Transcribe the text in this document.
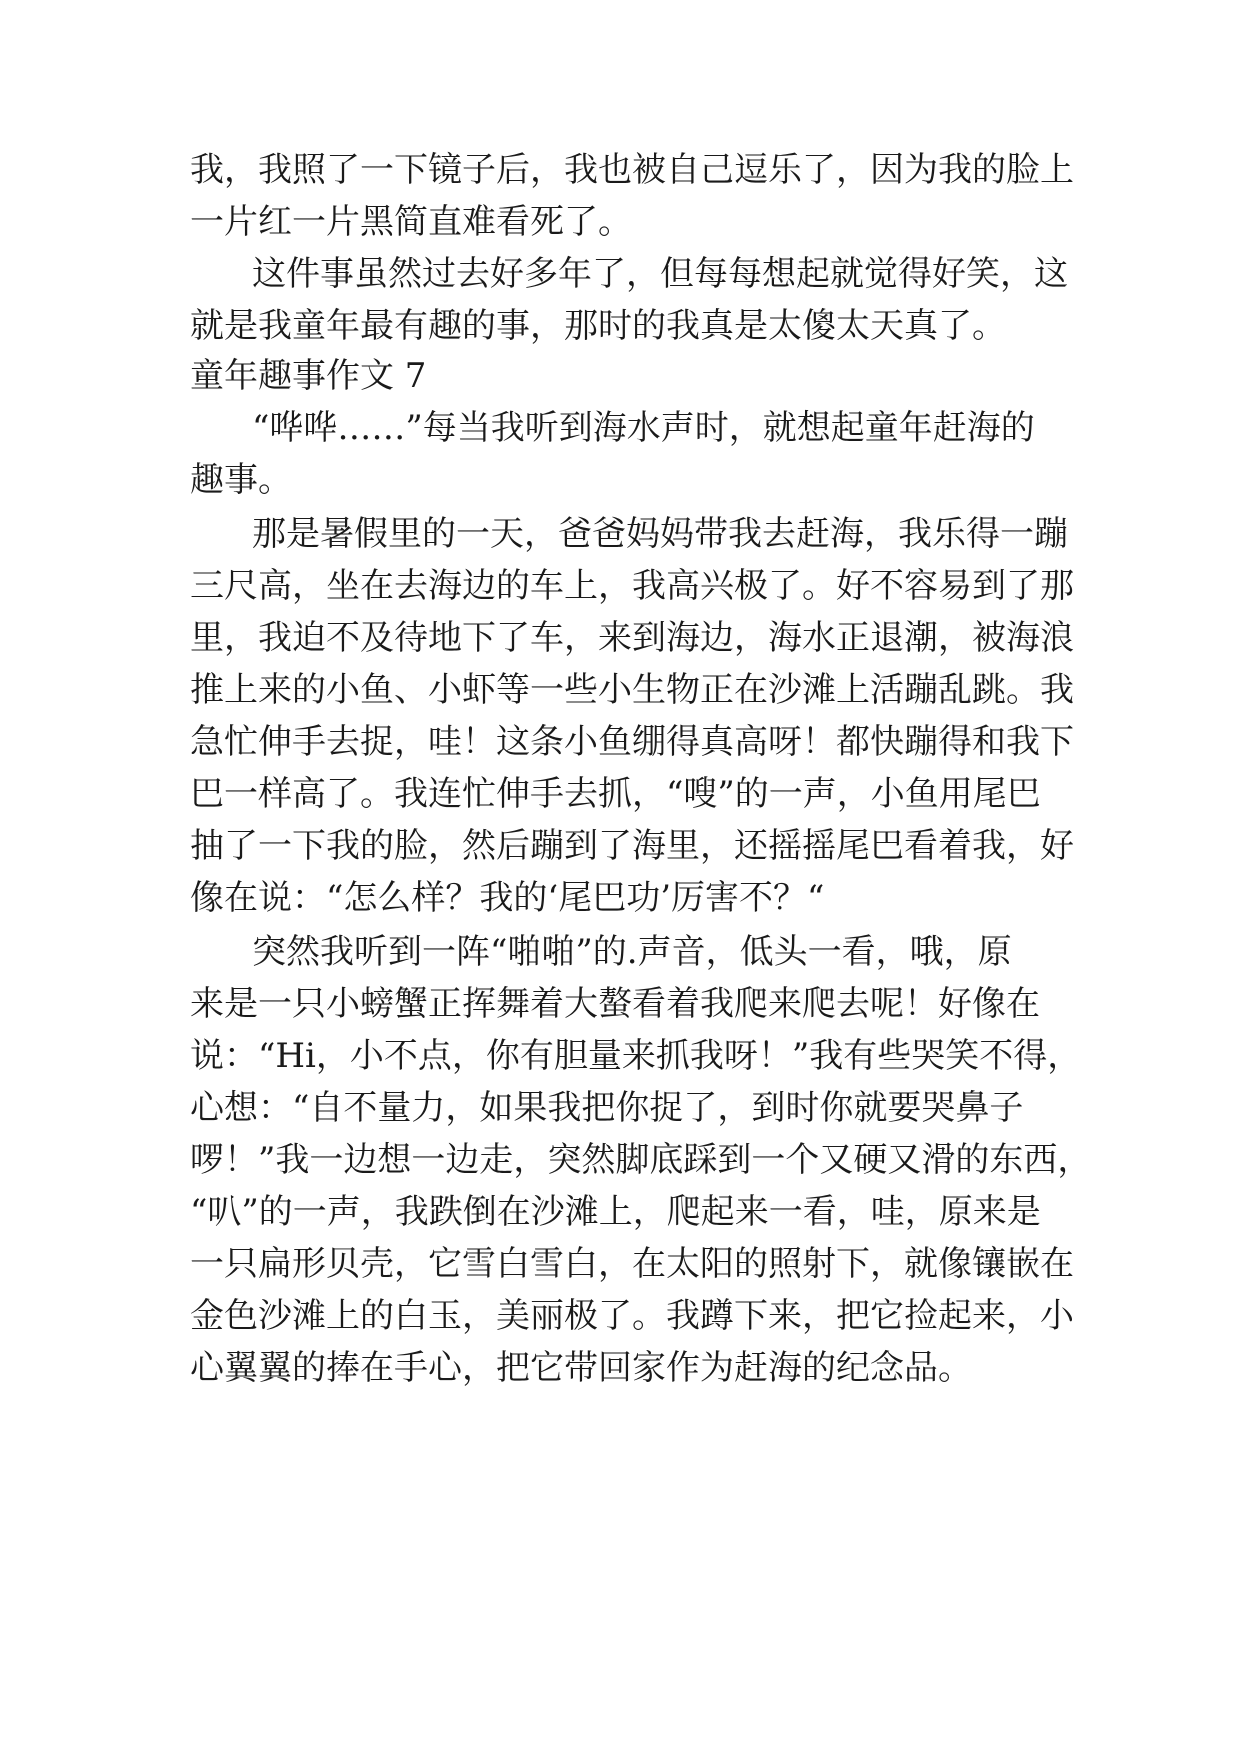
我，我照了一下镜子后，我也被自己逗乐了，因为我的脸上
一片红一片黑简直难看死了。
这件事虽然过去好多年了，但每每想起就觉得好笑，这
就是我童年最有趣的事，那时的我真是太傻太天真了。
童年趣事作文 7
“哗哗……”每当我听到海水声时，就想起童年赶海的
趣事。
那是暑假里的一天，爸爸妈妈带我去赶海，我乐得一蹦
三尺高，坐在去海边的车上，我高兴极了。好不容易到了那
里，我迫不及待地下了车，来到海边，海水正退潮，被海浪
推上来的小鱼、小虾等一些小生物正在沙滩上活蹦乱跳。我
急忙伸手去捉，哇！这条小鱼绷得真高呀！都快蹦得和我下
巴一样高了。我连忙伸手去抓，“嗖”的一声，小鱼用尾巴
抽了一下我的脸，然后蹦到了海里，还摇摇尾巴看着我，好
像在说：“怎么样？我的‘尾巴功’厉害不？“
突然我听到一阵“啪啪”的.声音，低头一看，哦，原
来是一只小螃蟹正挥舞着大螯看着我爬来爬去呢！好像在
说：“Hi，小不点，你有胆量来抓我呀！”我有些哭笑不得，
心想：“自不量力，如果我把你捉了，到时你就要哭鼻子
啰！”我一边想一边走，突然脚底踩到一个又硬又滑的东西，
“叭”的一声，我跌倒在沙滩上，爬起来一看，哇，原来是
一只扁形贝壳，它雪白雪白，在太阳的照射下，就像镶嵌在
金色沙滩上的白玉，美丽极了。我蹲下来，把它捡起来，小
心翼翼的捧在手心，把它带回家作为赶海的纪念品。
